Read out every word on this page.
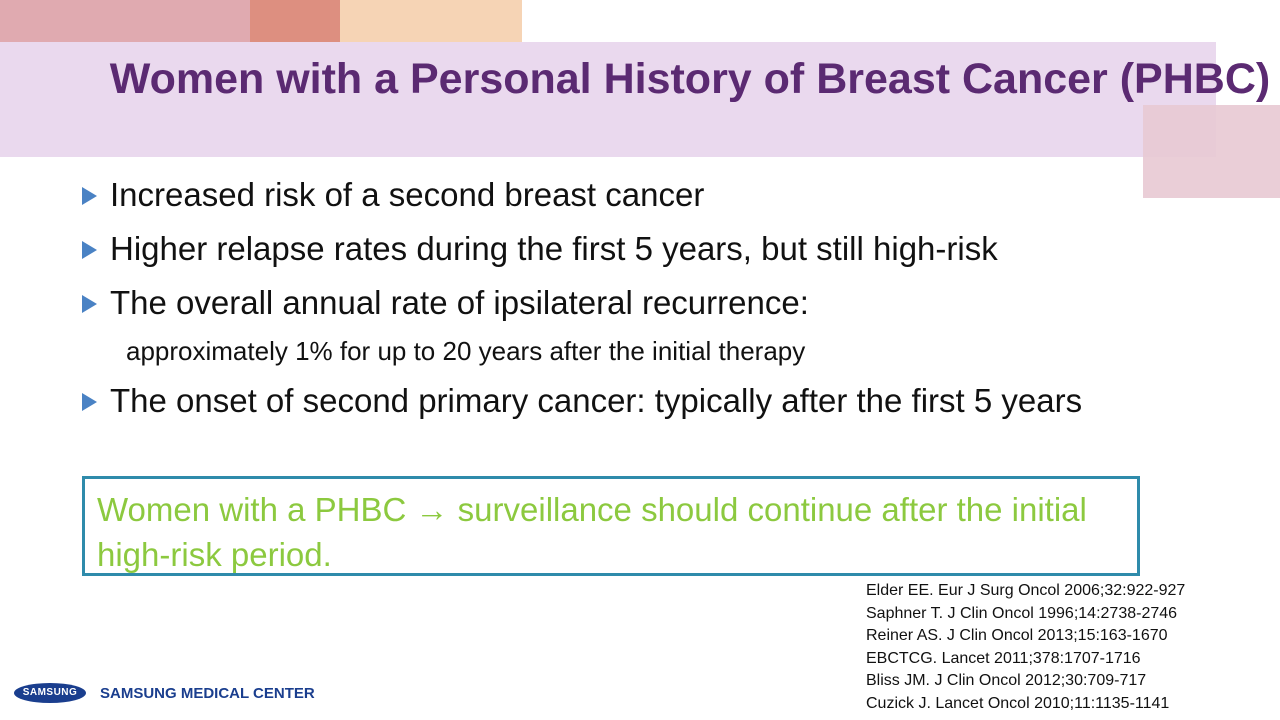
Women with a Personal History of Breast Cancer (PHBC)
Increased risk of a second breast cancer
Higher relapse rates during the first 5 years, but still high-risk
The overall annual rate of ipsilateral recurrence:
approximately 1% for up to 20 years after the initial therapy
The onset of second primary cancer: typically after the first 5 years
Women with a PHBC → surveillance should continue after the initial high-risk period.
Elder EE. Eur J Surg Oncol 2006;32:922-927
Saphner T. J Clin Oncol 1996;14:2738-2746
Reiner AS. J Clin Oncol 2013;15:163-1670
EBCTCG. Lancet 2011;378:1707-1716
Bliss JM. J Clin Oncol 2012;30:709-717
Cuzick J. Lancet Oncol 2010;11:1135-1141
SAMSUNG	SAMSUNG MEDICAL CENTER
